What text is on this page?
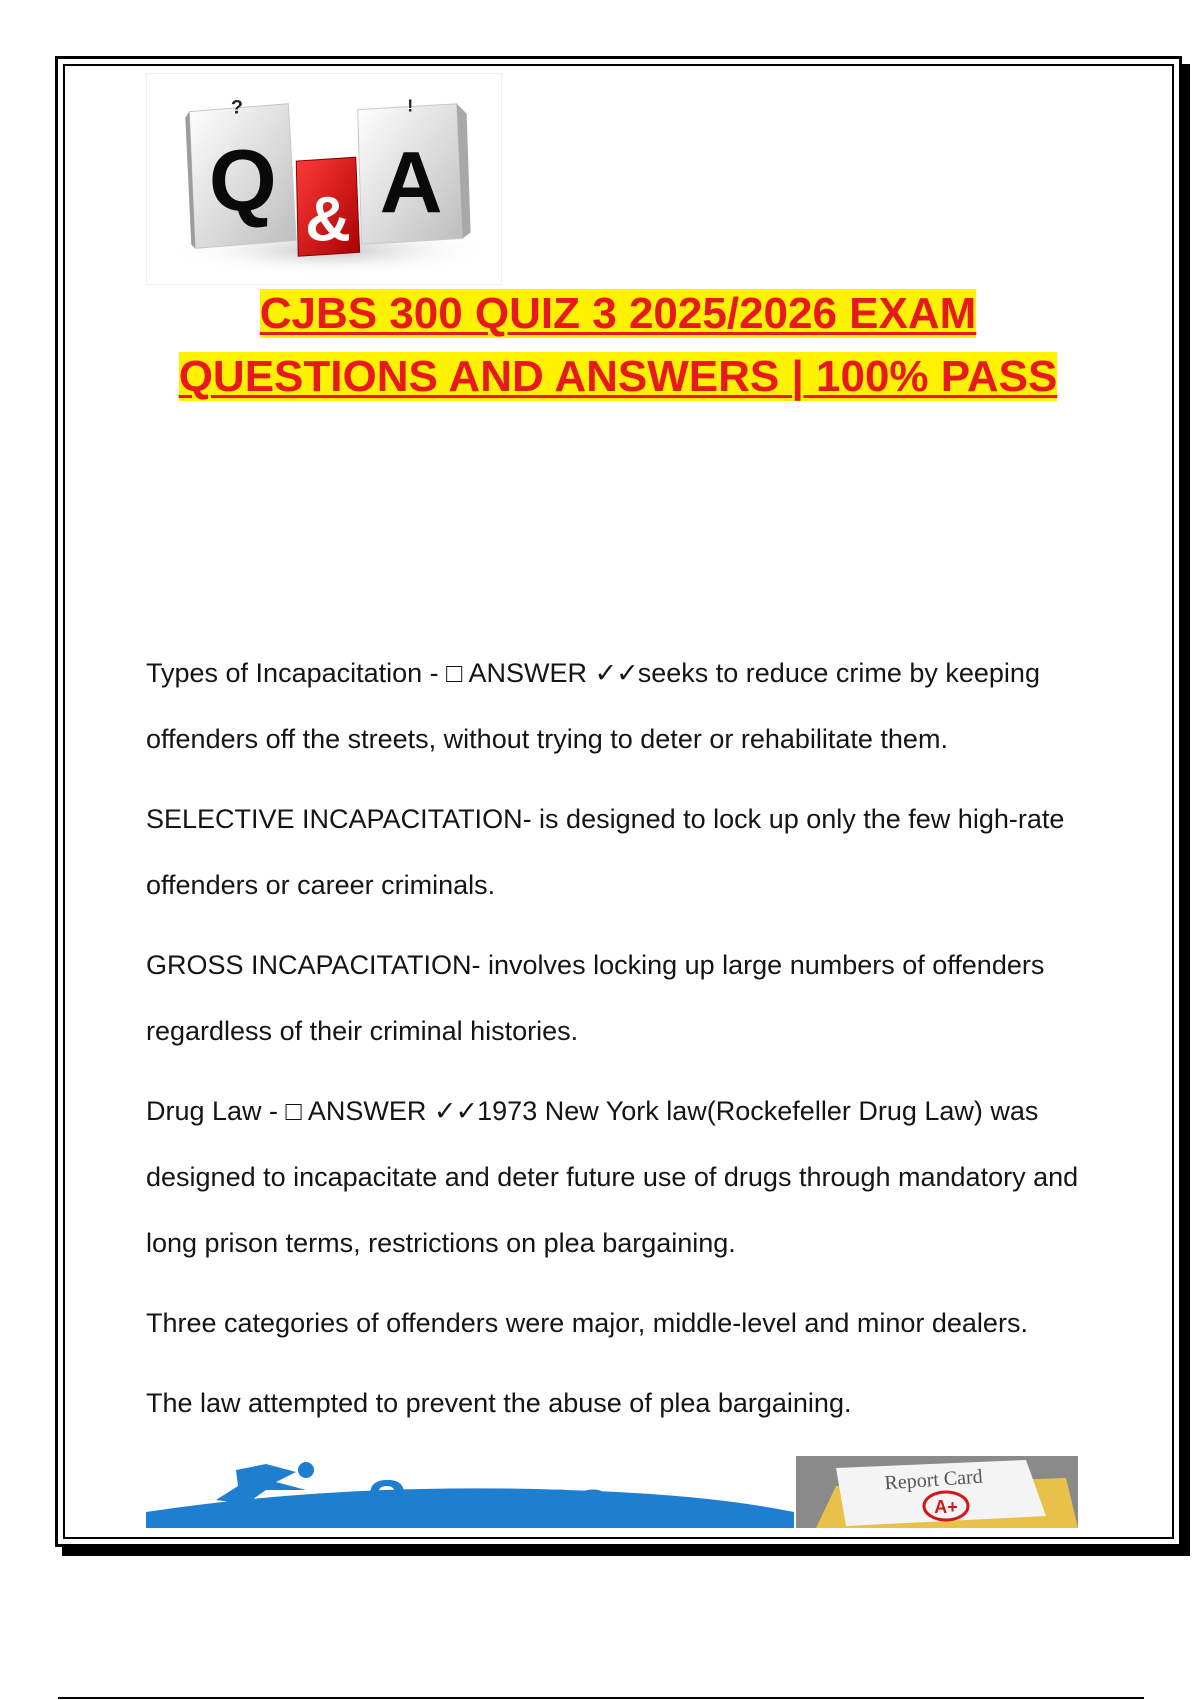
Q
?
A
!
&
CJBS 300 QUIZ 3 2025/2026 EXAM QUESTIONS AND ANSWERS | 100% PASS

Types of Incapacitation - □ ANSWER ✓✓seeks to reduce crime by keeping offenders off the streets, without trying to deter or rehabilitate them.

SELECTIVE INCAPACITATION- is designed to lock up only the few high-rate offenders or career criminals.

GROSS INCAPACITATION- involves locking up large numbers of offenders regardless of their criminal histories.

Drug Law - □ ANSWER ✓✓1973 New York law(Rockefeller Drug Law) was designed to incapacitate and deter future use of drugs through mandatory and long prison terms, restrictions on plea bargaining.

Three categories of offenders were major, middle-level and minor dealers.

The law attempted to prevent the abuse of plea bargaining.

Success	Report Card
A+
